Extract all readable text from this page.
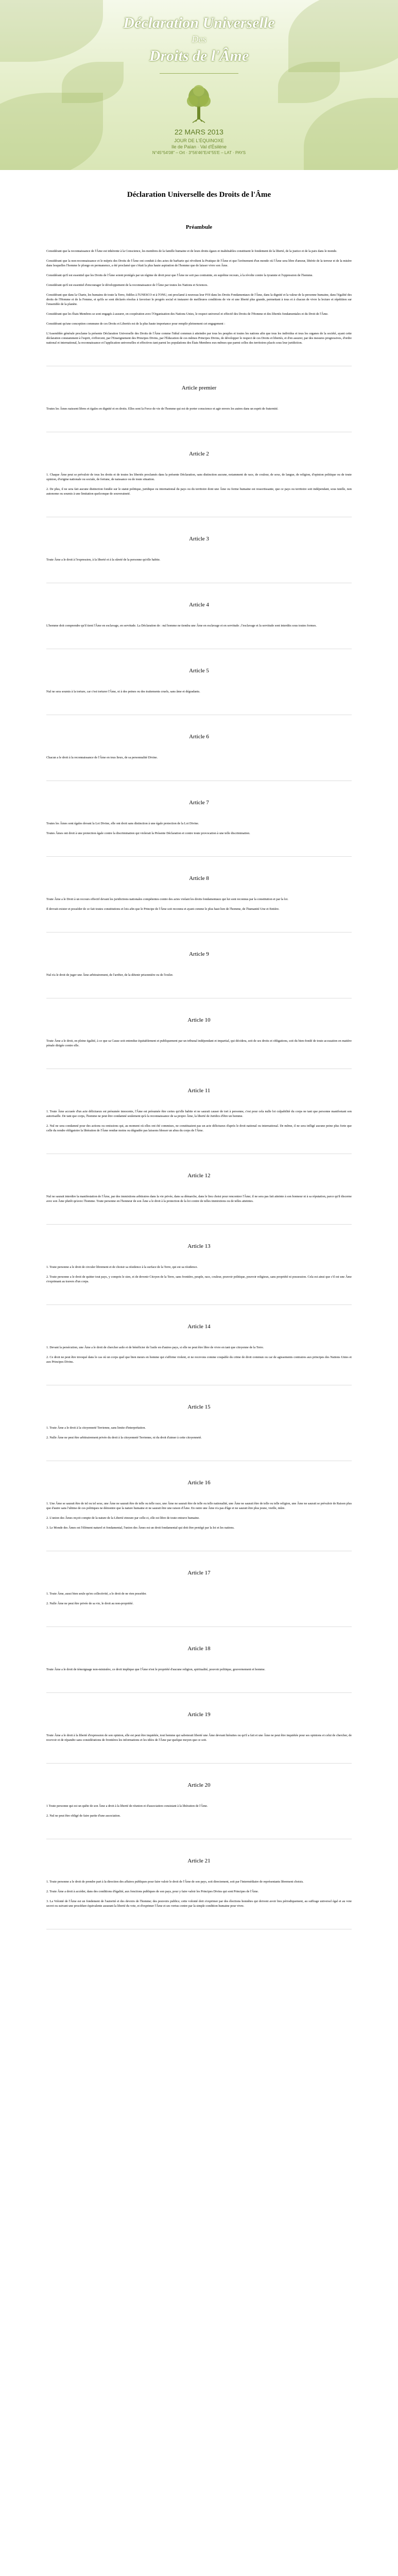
Déclaration Universelle
Des
Droits de l'Âme
22 MARS 2013
JOUR DE L'ÉQUINOXE
Ile de Païan · Val d'Ésilène
N°45°54'08" – Ort · 3°56'46"E/4°55'E – LAT · PAYS
Déclaration Universelle des Droits de l'Âme
Préambule

Considérant que la reconnaissance de l'Âme est inhérente à la Conscience, les membres de la famille humaine et de leurs droits égaux et inaliénables constituent le fondement de la liberté, de la justice et de la paix dans le monde.

Considérant que la non-reconnaissance et le mépris des Droits de l'Âme ont conduit à des actes de barbarie qui révoltent la Pratique de l'Âme et que l'avènement d'un monde où l'Âme sera libre d'amour, libérée de la terreur et de la misère dans lesquelles l'homme le plonge en permanence, a été proclamé que c'était la plus haute aspiration de l'homme que de laisser vivre son Âme.

Considérant qu'il est essentiel que les Droits de l'Âme soient protégés par un régime de droit pour que l'Âme ne soit pas contrainte, en suprême recours, à la révolte contre la tyrannie et l'oppression de l'homme.

Considérant qu'il est essentiel d'encourager le développement de la reconnaissance de l'Âme par toutes les Nations et Sciences.

Considérant que dans la Charte, les humains de toute la Terre, fidèles à l'UNESCO et à l'ONU, ont proclamé à nouveau leur FOI dans les Droits Fondamentaux de l'Âme, dans la dignité et la valeur de la personne humaine, dans l'égalité des droits de l'Homme et de la Femme, et qu'ils se sont déclarés résolus à favoriser le progrès social et instaurer de meilleures conditions de vie et une liberté plus grande, permettant à tous et à chacun de vivre la lecture et répétition sur l'ensemble de la planète.

Considérant que les États Membres se sont engagés à assurer, en coopération avec l'Organisation des Nations Unies, le respect universel et effectif des Droits de l'Homme et des libertés fondamentales et du Droit de l'Âme.

Considérant qu'une conception commune de ces Droits et Libertés est de la plus haute importance pour remplir pleinement cet engagement :

L'Assemblée générale proclame la présente Déclaration Universelle des Droits de l'Âme comme l'idéal commun à atteindre par tous les peuples et toutes les nations afin que tous les individus et tous les organes de la société, ayant cette déclaration constamment à l'esprit, s'efforcent, par l'Enseignement des Principes Divins, par l'Éducation de ces mêmes Principes Divins, de développer le respect de ces Droits et libertés, et d'en assurer, par des mesures progressives, d'ordre national et international, la reconnaissance et l'application universelles et effectives tant parmi les populations des États Membres eux-mêmes que parmi celles des territoires placés sous leur juridiction.

Article premier

Toutes les Âmes naissent libres et égales en dignité et en droits. Elles sont la Force de vie de l'homme qui est de porter conscience et agir envers les autres dans un esprit de fraternité.

Article 2

1. Chaque Âme peut se prévaloir de tous les droits et de toutes les libertés proclamés dans la présente Déclaration, sans distinction aucune, notamment de race, de couleur, de sexe, de langue, de religion, d'opinion politique ou de toute opinion, d'origine nationale ou sociale, de fortune, de naissance ou de toute situation.

2. De plus, il ne sera fait aucune distinction fondée sur le statut politique, juridique ou international du pays ou du territoire dont une Âme ou forme humaine est ressortissante, que ce pays ou territoire soit indépendant, sous tutelle, non autonome ou soumis à une limitation quelconque de souveraineté.

Article 3

Toute Âme a le droit à l'expression, à la liberté et à la sûreté de la personne qu'elle habite.

Article 4

L'homme doit comprendre qu'il tient l'Âme en esclavage, en servitude. La Déclaration de : nul homme ne tiendra une Âme en esclavage et en servitude ; l'esclavage et la servitude sont interdits sous toutes formes.

Article 5

Nul ne sera soumis à la torture, car c'est torturer l'Âme, ni à des peines ou des traitements cruels, sans âme et dégradants.

Article 6

Chacun a le droit à la reconnaissance de l'Âme en tous lieux, de sa personnalité Divine.

Article 7

Toutes les Âmes sont égales devant la Loi Divine, elle ont droit sans distinction à une égale protection de la Loi Divine.

Toutes Âmes ont droit à une protection égale contre la discrimination qui violerait la Présente Déclaration et contre toute provocation à une telle discrimination.

Article 8

Toute Âme a le Droit à un recours effectif devant les juridictions nationales compétentes contre des actes violant les droits fondamentaux qui lui sont reconnus par la constitution et par la loi.

Il devrait exister et posséder de ce fait toutes constitutions et lois afin que le Principe de l'Âme soit reconnu et ayant comme le plus haut lien de l'homme, de l'humanité Une et Entière.

Article 9

Nul n'a le droit de juger une Âme arbitrairement, de l'arrêter, de la détenir prisonnière ou de l'exiler.

Article 10

Toute Âme a le droit, en pleine égalité, à ce que sa Cause soit entendue équitablement et publiquement par un tribunal indépendant et impartial, qui décidera, soit de ses droits et obligations, soit du bien-fondé de toute accusation en matière pénale dirigée contre elle.

Article 11

1. Toute Âme accusée d'un acte délictueux est présumée innocente, l'Âme est présumée être certes qu'elle habite et ne saurait causer de tort à personne, c'est pour cela nulle loi culpabilité du corps ne tant que personne manifestant son autorisaille. De tant que corps, l'homme ne peut être condamné seulement qu'à la reconnaissance de sa propre Âme, la liberté de Juridics d'être un homme.

2. Nul ne sera condamné pour des actions ou omissions qui, au moment où elles ont été commises, ne constituaient pas un acte délictueux d'après le droit national ou international. De même, il ne sera infligé aucune peine plus forte que celle du rendre obligatoire la libération de l'Âme rendue moins ou dégradée pas laissons blesser un abus du corps de l'Âme.

Article 12

Nul ne saurait interdire la manifestation de l'Âme, par des immixtions arbitraires dans la vie privée, dans sa démarche, dans le lieu choisi pour rencontrer l'Âme; il ne sera pas fait atteinte à son honneur ni à sa réputation, parce qu'il discerne avec son Âme plutôt qu'avec l'homme. Toute personne en l'honneur de son Âme a le droit à la protection de la loi contre de telles immixtions ou de telles atteintes.

Article 13

1. Toute personne a le droit de circuler librement et de choisir sa résidence à la surface de la Terre, qui est sa résidence.

2. Toute personne a le droit de quitter tout pays, y compris le sien, et de devenir Citoyen de la Terre, sans frontière, peuple, race, couleur, pouvoir politique, pouvoir religieux, sans propriété ni possession. Cela est ainsi que c'il est une Âme s'exprimant au travers d'un corps.

Article 14

1. Devant la persécution, une Âme a le droit de chercher asile et de bénéficier de l'asile en d'autres pays, si elle ne peut être libre de vivre en tant que citoyenne de la Terre.

2. Ce droit ne peut être invoqué dans le cas où un corps quel que bien meurs en homme qui s'affirme violent, et ne recevons comme coupable du crime de droit commun ou car de agissements contraires aux principes des Nations Unies et aux Principes Divins.

Article 15

1. Toute Âme a le droit à la citoyenneté Terrienne, sans limite d'interprétation.

2. Nulle Âme ne peut être arbitrairement privée du droit à la citoyenneté Terrienne, ni du droit d'aimer à cette citoyenneté.

Article 16

1. Une Âme se saurait être de tel ou tel sexe, une Âme ne saurait être de telle ou telle race, une Âme ne saurait être de telle ou telle nationalité, une Âme ne saurait être de telle ou telle religion, une Âme ne saurait se prévaloir de Raison plus que d'autre sans l'ultime de ces politiques ne démontre que la nature humaine et ne saurait être une raison d'Âme. En outre une Âme n'a pas d'âge et ne saurait être plus jeune, vieille, mûre.

2. L'union des Âmes reçoit compte de la nature de la Liberté etnoure par celle-ci, elle est libre de toute entrave humaine.

3. Le Monde des Âmes est l'élément naturel et fondamental, l'union des Âmes est un droit fondamental qui doit être protégé par la loi et les nations.

Article 17

1. Toute Âme, aussi bien seule qu'en collectivité, a le droit de ne rien posséder.

2. Nulle Âme ne peut être privée de sa vie, le droit au non-propriété.

Article 18

Toute Âme a le droit de témoignage non-ministère, ce droit implique que l'Âme n'est le propriété d'aucune religion, spiritualité, pouvoir politique, gouvernement et homme.

Article 19

Toute Âme a le droit à la liberté d'expression de son opinion, elle est peut être inquiétée, tout homme qui saboterait liberté une Âme devrant hiéraites ou qu'il a fait et une Âme ne peut être inquiétée pour ses opinions et celui de chercher, de recevoir et de répandre sans considérations de frontières les informations et les idées de l'Âme par quelque moyen que ce soit.

Article 20

1 Toute personne qui est un quête de son Âme a droit à la liberté de réunion et d'association consistant à la libération de l'Âme.

2. Nul ne peut être obligé de faire partie d'une association.

Article 21

1. Toute personne a le droit de prendre part à la direction des affaires publiques pour faire valoir le droit de l'Âme de son pays, soit directement, soit par l'intermédiaire de représentants librement choisis.

2. Toute Âme a droit à accéder, dans des conditions d'égalité, aux fonctions publiques de son pays, pour y faire valoir les Principes Divins qui sont Principes de l'Âme.

3. La Volonté de l'Âme est un fondement de l'autorité et des devoirs de l'homme; des pouvoirs publics; cette volonté doit s'exprimer par des élections honnêtes qui doivent avoir lieu périodiquement, au suffrage universel égal et au vote secret ou suivant une procédure équivalente assurant la liberté du vote, et d'exprimer l'Âme et ses vertus contre par la simple condition humaine pour vivre.
